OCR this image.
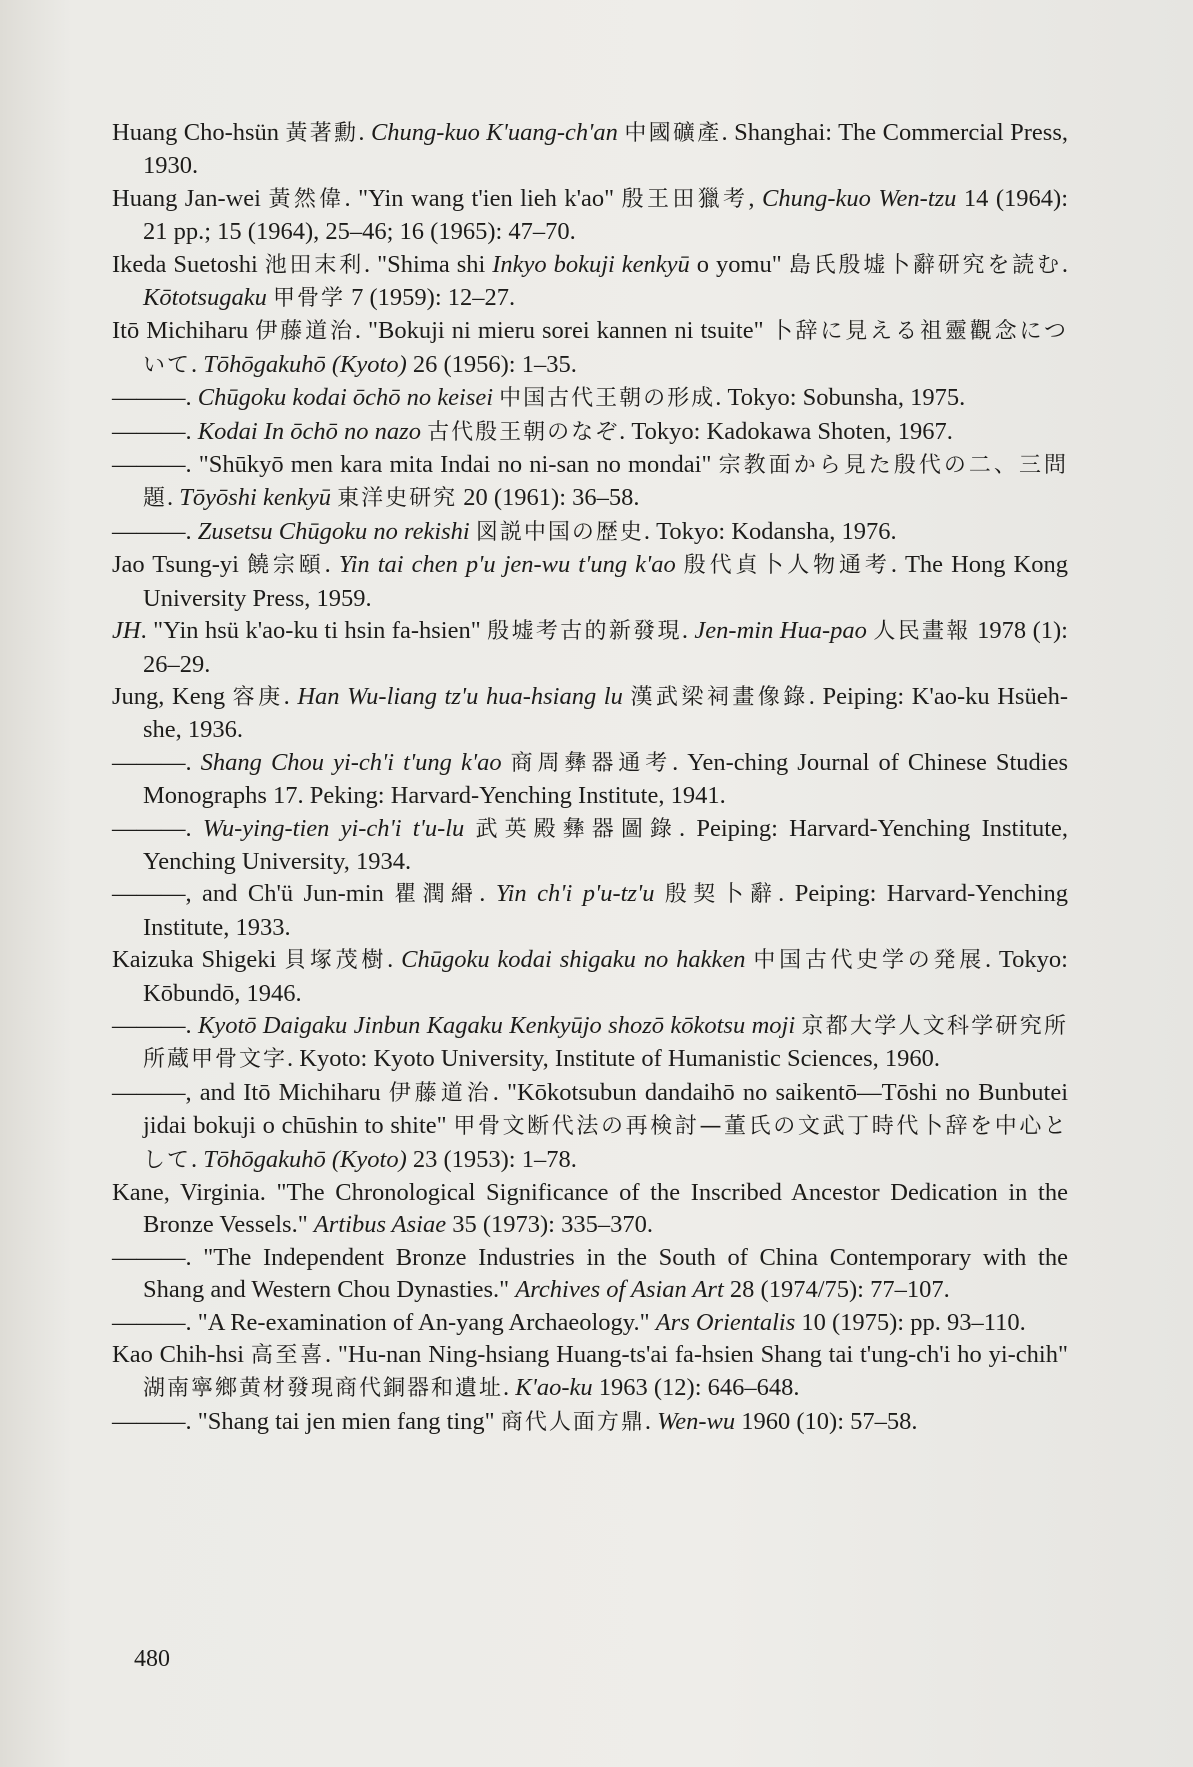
Huang Cho-hsün 黃著勳. Chung-kuo K'uang-ch'an 中國礦產. Shanghai: The Commercial Press, 1930.

Huang Jan-wei 黃然偉. "Yin wang t'ien lieh k'ao" 殷王田獵考, Chung-kuo Wen-tzu 14 (1964): 21 pp.; 15 (1964), 25–46; 16 (1965): 47–70.

Ikeda Suetoshi 池田末利. "Shima shi Inkyo bokuji kenkyū o yomu" 島氏殷墟卜辭研究を読む. Kōtotsugaku 甲骨学 7 (1959): 12–27.

Itō Michiharu 伊藤道治. "Bokuji ni mieru sorei kannen ni tsuite" 卜辞に見える祖靈觀念について. Tōhōgakuhō (Kyoto) 26 (1956): 1–35.

———. Chūgoku kodai ōchō no keisei 中国古代王朝の形成. Tokyo: Sobunsha, 1975.

———. Kodai In ōchō no nazo 古代殷王朝のなぞ. Tokyo: Kadokawa Shoten, 1967.

———. "Shūkyō men kara mita Indai no ni-san no mondai" 宗教面から見た殷代の二、三問題. Tōyōshi kenkyū 東洋史研究 20 (1961): 36–58.

———. Zusetsu Chūgoku no rekishi 図説中国の歴史. Tokyo: Kodansha, 1976.

Jao Tsung-yi 饒宗頤. Yin tai chen p'u jen-wu t'ung k'ao 殷代貞卜人物通考. The Hong Kong University Press, 1959.

JH. "Yin hsü k'ao-ku ti hsin fa-hsien" 殷墟考古的新發現. Jen-min Hua-pao 人民畫報 1978 (1): 26–29.

Jung, Keng 容庚. Han Wu-liang tz'u hua-hsiang lu 漢武梁祠畫像錄. Peiping: K'ao-ku Hsüeh-she, 1936.

———. Shang Chou yi-ch'i t'ung k'ao 商周彝器通考. Yen-ching Journal of Chinese Studies Monographs 17. Peking: Harvard-Yenching Institute, 1941.

———. Wu-ying-tien yi-ch'i t'u-lu 武英殿彝器圖錄. Peiping: Harvard-Yenching Institute, Yenching University, 1934.

———, and Ch'ü Jun-min 瞿潤緡. Yin ch'i p'u-tz'u 殷契卜辭. Peiping: Harvard-Yenching Institute, 1933.

Kaizuka Shigeki 貝塚茂樹. Chūgoku kodai shigaku no hakken 中国古代史学の発展. Tokyo: Kōbundō, 1946.

———. Kyotō Daigaku Jinbun Kagaku Kenkyūjo shozō kōkotsu moji 京都大学人文科学研究所所蔵甲骨文字. Kyoto: Kyoto University, Institute of Humanistic Sciences, 1960.

———, and Itō Michiharu 伊藤道治. "Kōkotsubun dandaihō no saikentō—Tōshi no Bunbutei jidai bokuji o chūshin to shite" 甲骨文断代法の再検討—董氏の文武丁時代卜辞を中心として. Tōhōgakuhō (Kyoto) 23 (1953): 1–78.

Kane, Virginia. "The Chronological Significance of the Inscribed Ancestor Dedication in the Bronze Vessels." Artibus Asiae 35 (1973): 335–370.

———. "The Independent Bronze Industries in the South of China Contemporary with the Shang and Western Chou Dynasties." Archives of Asian Art 28 (1974/75): 77–107.

———. "A Re-examination of An-yang Archaeology." Ars Orientalis 10 (1975): pp. 93–110.

Kao Chih-hsi 高至喜. "Hu-nan Ning-hsiang Huang-ts'ai fa-hsien Shang tai t'ung-ch'i ho yi-chih" 湖南寧鄉黄材發現商代銅器和遺址. K'ao-ku 1963 (12): 646–648.

———. "Shang tai jen mien fang ting" 商代人面方鼎. Wen-wu 1960 (10): 57–58.

480
